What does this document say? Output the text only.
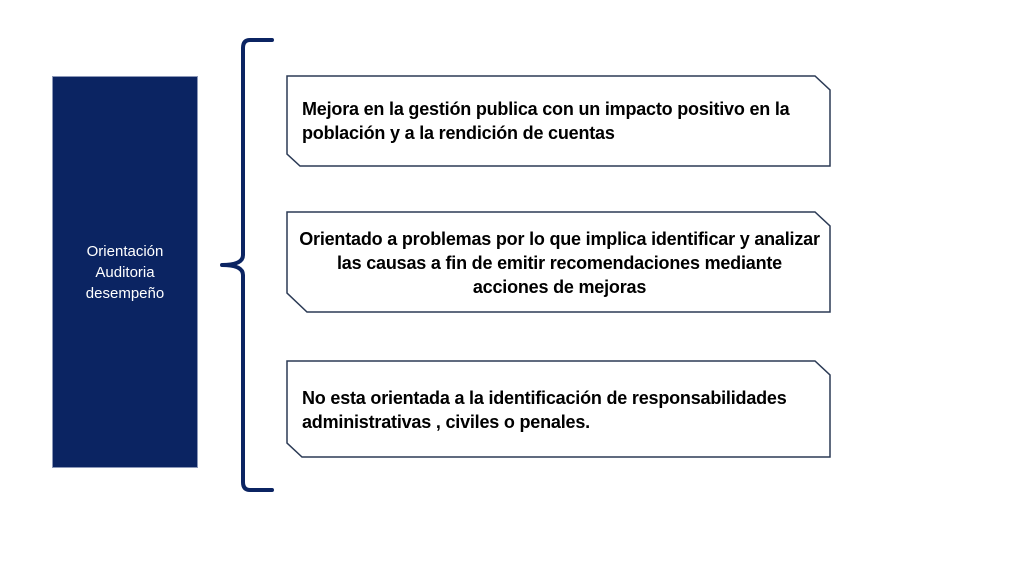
Orientación
Auditoria
desempeño
Mejora en la gestión publica con un impacto positivo en la población y a la rendición de cuentas
Orientado a problemas por lo que implica identificar y analizar las causas a fin de emitir recomendaciones mediante acciones de mejoras
No esta orientada a la identificación de responsabilidades administrativas , civiles o penales.
